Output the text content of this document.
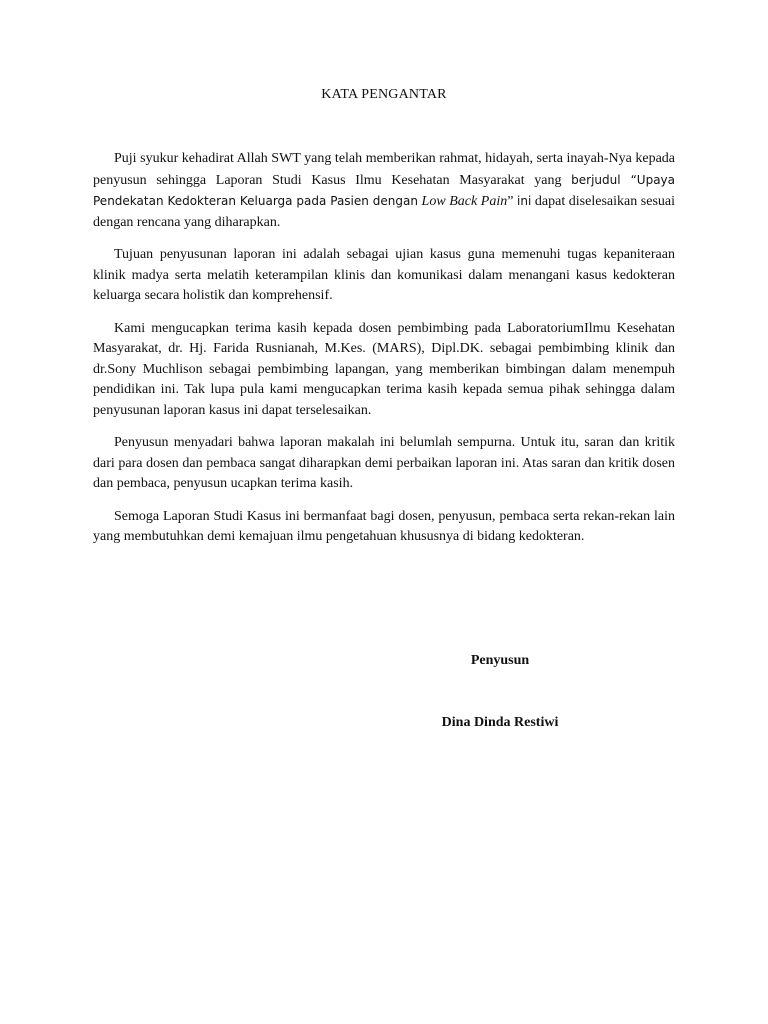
KATA PENGANTAR

Puji syukur kehadirat Allah SWT yang telah memberikan rahmat, hidayah, serta inayah-Nya kepada penyusun sehingga Laporan Studi Kasus Ilmu Kesehatan Masyarakat yang berjudul “Upaya Pendekatan Kedokteran Keluarga pada Pasien dengan Low Back Pain” ini dapat diselesaikan sesuai dengan rencana yang diharapkan.

Tujuan penyusunan laporan ini adalah sebagai ujian kasus guna memenuhi tugas kepaniteraan klinik madya serta melatih keterampilan klinis dan komunikasi dalam menangani kasus kedokteran keluarga secara holistik dan komprehensif.

Kami mengucapkan terima kasih kepada dosen pembimbing pada LaboratoriumIlmu Kesehatan Masyarakat, dr. Hj. Farida Rusnianah, M.Kes. (MARS), Dipl.DK. sebagai pembimbing klinik dan dr.Sony Muchlison sebagai pembimbing lapangan, yang memberikan bimbingan dalam menempuh pendidikan ini. Tak lupa pula kami mengucapkan terima kasih kepada semua pihak sehingga dalam penyusunan laporan kasus ini dapat terselesaikan.

Penyusun menyadari bahwa laporan makalah ini belumlah sempurna. Untuk itu, saran dan kritik dari para dosen dan pembaca sangat diharapkan demi perbaikan laporan ini. Atas saran dan kritik dosen dan pembaca, penyusun ucapkan terima kasih.

Semoga Laporan Studi Kasus ini bermanfaat bagi dosen, penyusun, pembaca serta rekan-rekan lain yang membutuhkan demi kemajuan ilmu pengetahuan khususnya di bidang kedokteran.

Penyusun
Dina Dinda Restiwi
